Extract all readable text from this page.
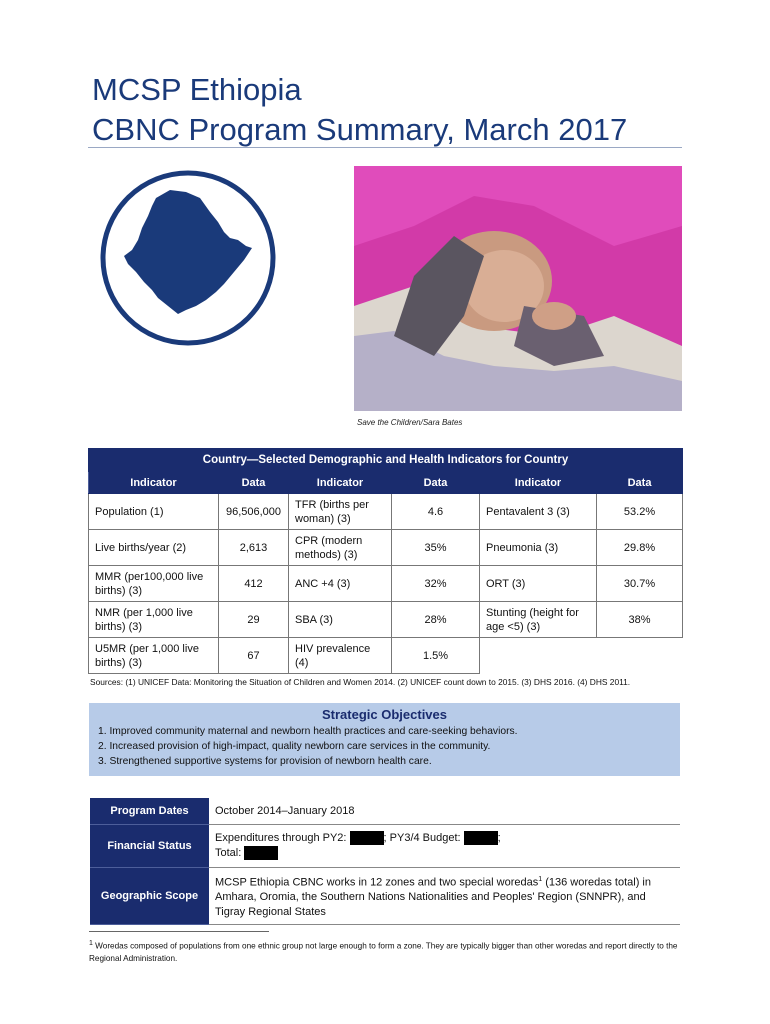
MCSP Ethiopia
CBNC Program Summary, March 2017
Save the Children/Sara Bates
Country—Selected Demographic and Health Indicators for Country					
Indicator	Data	Indicator	Data	Indicator	Data
Population (1)	96,506,000	TFR (births per woman) (3)	4.6	Pentavalent 3 (3)	53.2%
Live births/year (2)	2,613	CPR (modern methods) (3)	35%	Pneumonia (3)	29.8%
MMR (per100,000 live births) (3)	412	ANC +4 (3)	32%	ORT (3)	30.7%
NMR (per 1,000 live births) (3)	29	SBA (3)	28%	Stunting (height for age <5) (3)	38%
U5MR (per 1,000 live births) (3)	67	HIV prevalence (4)	1.5%		
Sources: (1) UNICEF Data: Monitoring the Situation of Children and Women 2014. (2) UNICEF count down to 2015. (3) DHS 2016. (4) DHS 2011.
Strategic Objectives
1. Improved community maternal and newborn health practices and care-seeking behaviors.
2. Increased provision of high-impact, quality newborn care services in the community.
3. Strengthened supportive systems for provision of newborn health care.
Program Dates	October 2014–January 2018
Financial Status	Expenditures through PY2: ; PY3/4 Budget: ;
Total:
Geographic Scope	MCSP Ethiopia CBNC works in 12 zones and two special woredas$^1$ (136 woredas total) in Amhara, Oromia, the Southern Nations Nationalities and Peoples' Region (SNNPR), and Tigray Regional States
$^1$ Woredas composed of populations from one ethnic group not large enough to form a zone. They are typically bigger than other woredas and report directly to the Regional Administration.
